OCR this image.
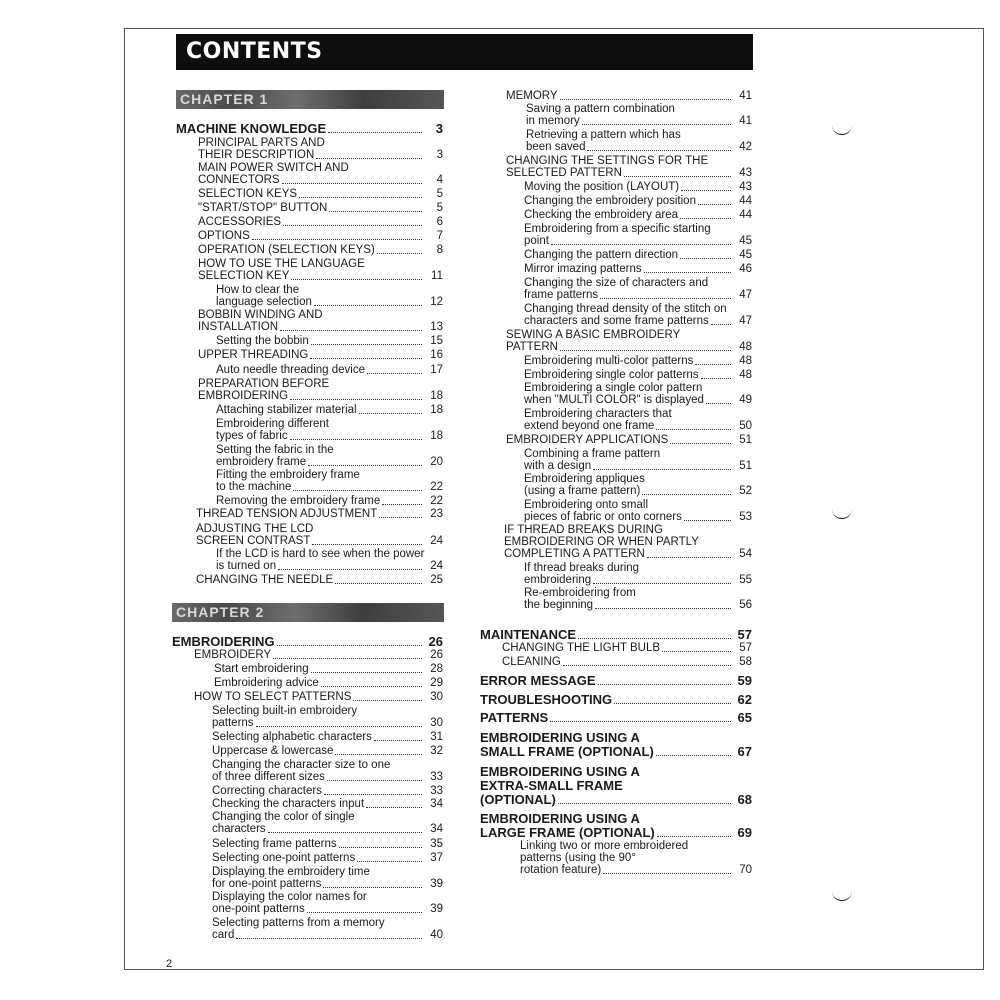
CONTENTS
CHAPTER 1
CHAPTER 2
MACHINE KNOWLEDGE	3
PRINCIPAL PARTS AND
THEIR DESCRIPTION	3
MAIN POWER SWITCH AND
CONNECTORS	4
SELECTION KEYS	5
"START/STOP" BUTTON	5
ACCESSORIES	6
OPTIONS	7
OPERATION (SELECTION KEYS)	8
HOW TO USE THE LANGUAGE
SELECTION KEY	11
How to clear the
language selection	12
BOBBIN WINDING AND
INSTALLATION	13
Setting the bobbin	15
UPPER THREADING	16
Auto needle threading device	17
PREPARATION BEFORE
EMBROIDERING	18
Attaching stabilizer material	18
Embroidering different
types of fabric	18
Setting the fabric in the
embroidery frame	20
Fitting the embroidery frame
to the machine	22
Removing the embroidery frame	22
THREAD TENSION ADJUSTMENT	23
ADJUSTING THE LCD
SCREEN CONTRAST	24
If the LCD is hard to see when the power
is turned on	24
CHANGING THE NEEDLE	25
EMBROIDERING	26
EMBROIDERY	26
Start embroidering	28
Embroidering advice	29
HOW TO SELECT PATTERNS	30
Selecting built-in embroidery
patterns	30
Selecting alphabetic characters	31
Uppercase & lowercase	32
Changing the character size to one
of three different sizes	33
Correcting characters	33
Checking the characters input	34
Changing the color of single
characters	34
Selecting frame patterns	35
Selecting one-point patterns	37
Displaying the embroidery time
for one-point patterns	39
Displaying the color names for
one-point patterns	39
Selecting patterns from a memory
card	40
MEMORY	41
Saving a pattern combination
in memory	41
Retrieving a pattern which has
been saved	42
CHANGING THE SETTINGS FOR THE
SELECTED PATTERN	43
Moving the position (LAYOUT)	43
Changing the embroidery position	44
Checking the embroidery area	44
Embroidering from a specific starting
point	45
Changing the pattern direction	45
Mirror imazing patterns	46
Changing the size of characters and
frame patterns	47
Changing thread density of the stitch on
characters and some frame patterns	47
SEWING A BASIC EMBROIDERY
PATTERN	48
Embroidering multi-color patterns	48
Embroidering single color patterns	48
Embroidering a single color pattern
when "MULTI COLOR" is displayed	49
Embroidering characters that
extend beyond one frame	50
EMBROIDERY APPLICATIONS	51
Combining a frame pattern
with a design	51
Embroidering appliques
(using a frame pattern)	52
Embroidering onto small
pieces of fabric or onto corners	53
IF THREAD BREAKS DURING
EMBROIDERING OR WHEN PARTLY
COMPLETING A PATTERN	54
If thread breaks during
embroidering	55
Re-embroidering from
the beginning	56
MAINTENANCE	57
CHANGING THE LIGHT BULB	57
CLEANING	58
ERROR MESSAGE	59
TROUBLESHOOTING	62
PATTERNS	65
EMBROIDERING USING A
SMALL FRAME (OPTIONAL)	67
EMBROIDERING USING A
EXTRA-SMALL FRAME
(OPTIONAL)	68
EMBROIDERING USING A
LARGE FRAME (OPTIONAL)	69
Linking two or more embroidered
patterns (using the 90°
rotation feature)	70
2
